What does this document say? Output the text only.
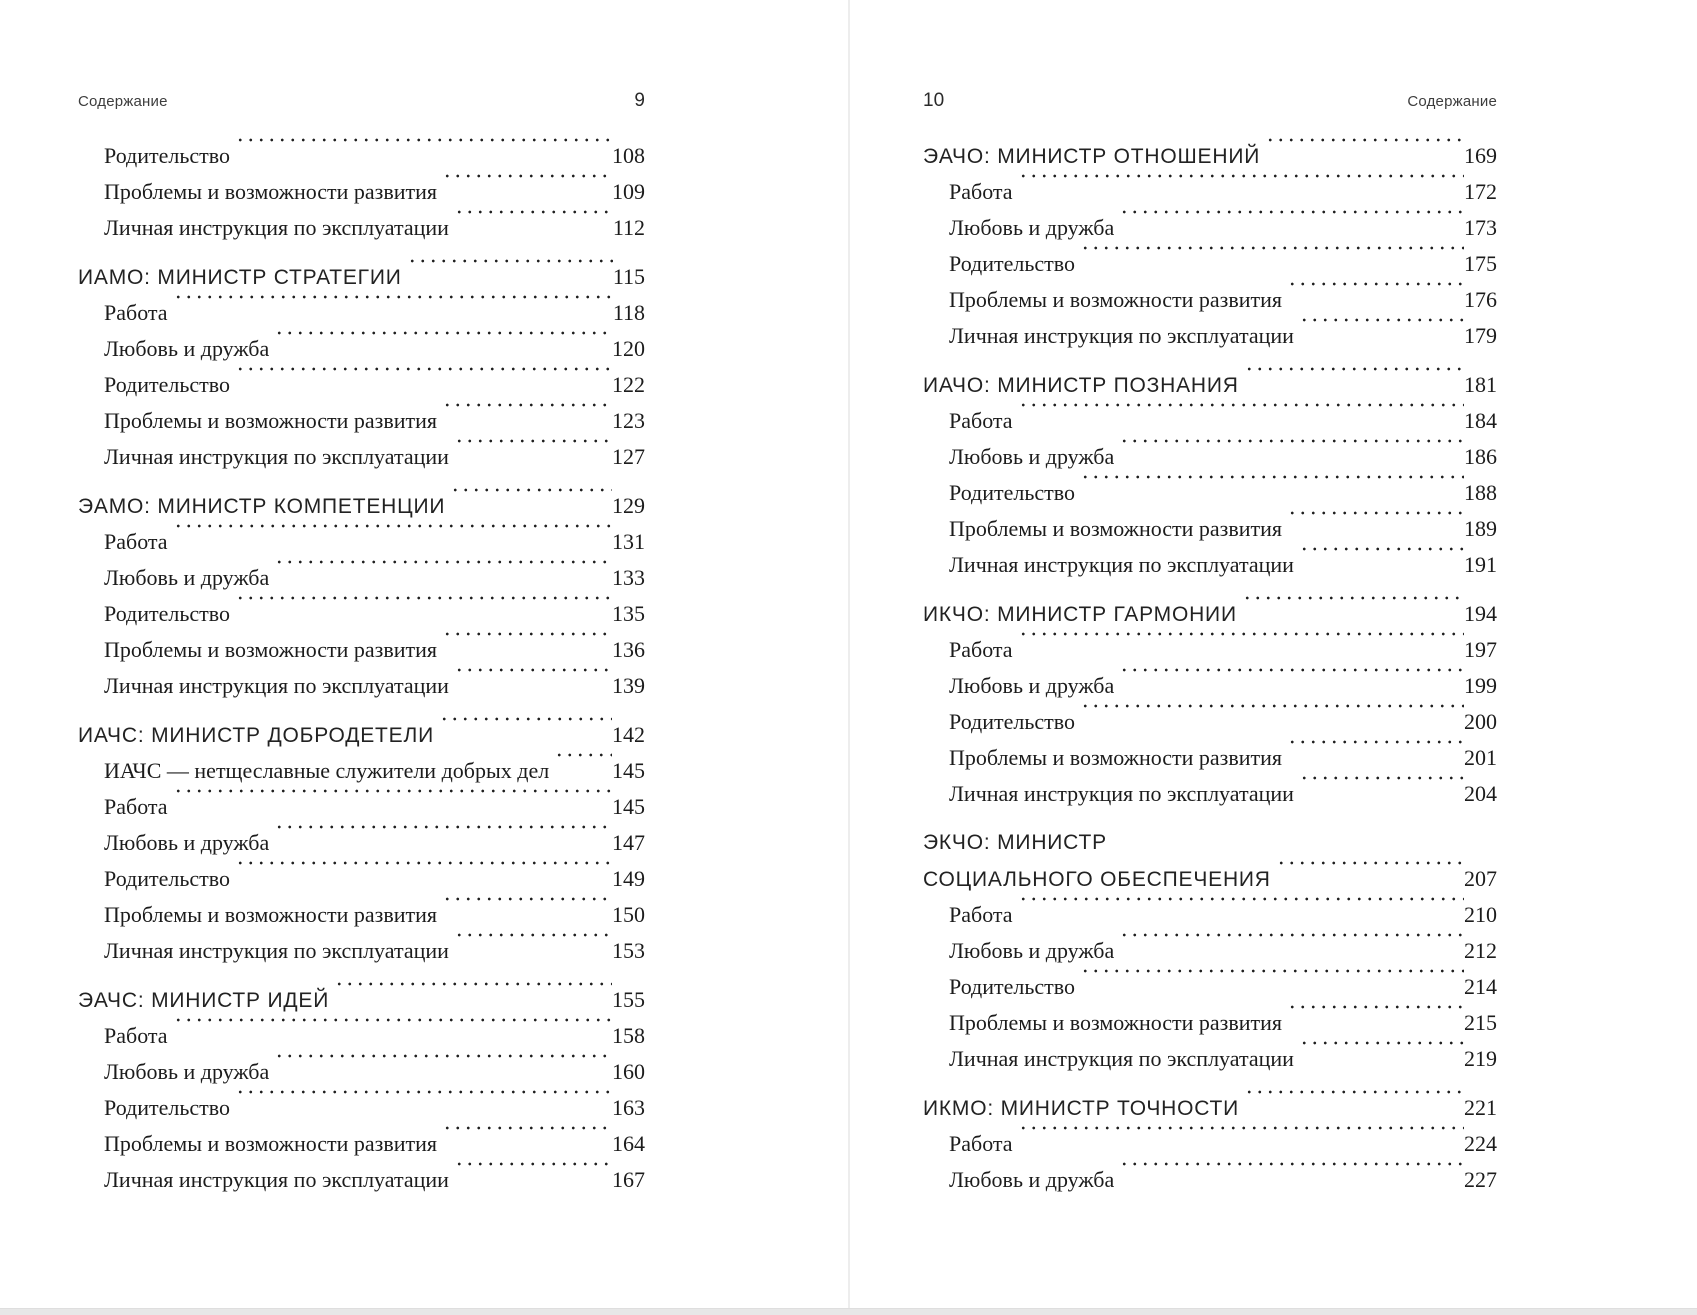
Содержание	9
Родительство	108
Проблемы и возможности развития	109
Личная инструкция по эксплуатации	112
ИАМО: МИНИСТР СТРАТЕГИИ	115
Работа	118
Любовь и дружба	120
Родительство	122
Проблемы и возможности развития	123
Личная инструкция по эксплуатации	127
ЭАМО: МИНИСТР КОМПЕТЕНЦИИ	129
Работа	131
Любовь и дружба	133
Родительство	135
Проблемы и возможности развития	136
Личная инструкция по эксплуатации	139
ИАЧС: МИНИСТР ДОБРОДЕТЕЛИ	142
ИАЧС — нетщеславные служители добрых дел	145
Работа	145
Любовь и дружба	147
Родительство	149
Проблемы и возможности развития	150
Личная инструкция по эксплуатации	153
ЭАЧС: МИНИСТР ИДЕЙ	155
Работа	158
Любовь и дружба	160
Родительство	163
Проблемы и возможности развития	164
Личная инструкция по эксплуатации	167
10	Содержание
ЭАЧО: МИНИСТР ОТНОШЕНИЙ	169
Работа	172
Любовь и дружба	173
Родительство	175
Проблемы и возможности развития	176
Личная инструкция по эксплуатации	179
ИАЧО: МИНИСТР ПОЗНАНИЯ	181
Работа	184
Любовь и дружба	186
Родительство	188
Проблемы и возможности развития	189
Личная инструкция по эксплуатации	191
ИКЧО: МИНИСТР ГАРМОНИИ	194
Работа	197
Любовь и дружба	199
Родительство	200
Проблемы и возможности развития	201
Личная инструкция по эксплуатации	204
ЭКЧО: МИНИСТР
СОЦИАЛЬНОГО ОБЕСПЕЧЕНИЯ	207
Работа	210
Любовь и дружба	212
Родительство	214
Проблемы и возможности развития	215
Личная инструкция по эксплуатации	219
ИКМО: МИНИСТР ТОЧНОСТИ	221
Работа	224
Любовь и дружба	227
